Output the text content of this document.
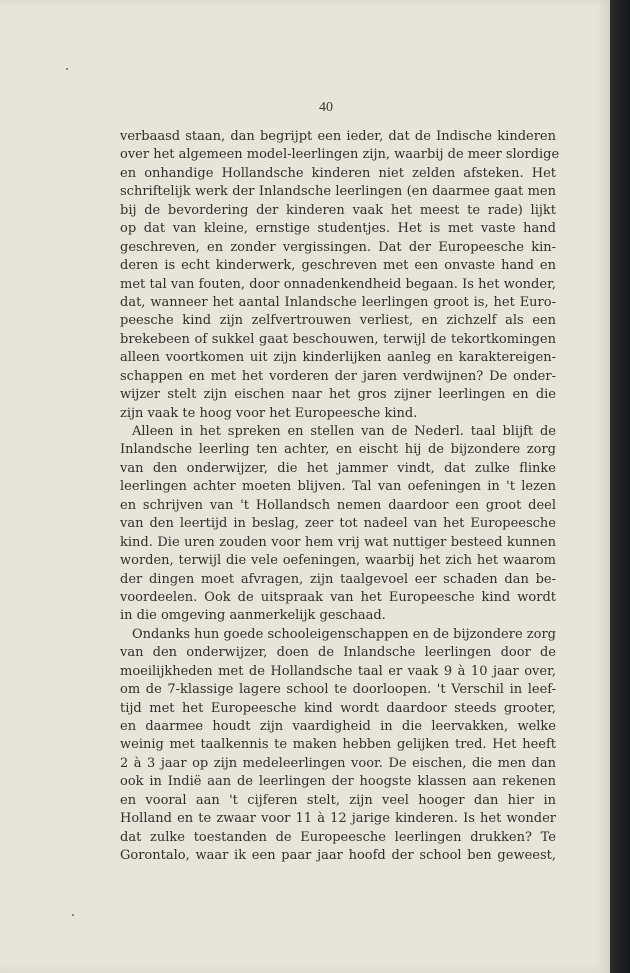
40
verbaasd staan, dan begrijpt een ieder, dat de Indische kinderen
over het algemeen model-leerlingen zijn, waarbij de meer slordige
en onhandige Hollandsche kinderen niet zelden afsteken. Het
schriftelijk werk der Inlandsche leerlingen (en daarmee gaat men
bij de bevordering der kinderen vaak het meest te rade) lijkt
op dat van kleine, ernstige studentjes. Het is met vaste hand
geschreven, en zonder vergissingen. Dat der Europeesche kin-
deren is echt kinderwerk, geschreven met een onvaste hand en
met tal van fouten, door onnadenkendheid begaan. Is het wonder,
dat, wanneer het aantal Inlandsche leerlingen groot is, het Euro-
peesche kind zijn zelfvertrouwen verliest, en zichzelf als een
brekebeen of sukkel gaat beschouwen, terwijl de tekortkomingen
alleen voortkomen uit zijn kinderlijken aanleg en karaktereigen-
schappen en met het vorderen der jaren verdwijnen? De onder-
wijzer stelt zijn eischen naar het gros zijner leerlingen en die
zijn vaak te hoog voor het Europeesche kind.
Alleen in het spreken en stellen van de Nederl. taal blijft de
Inlandsche leerling ten achter, en eischt hij de bijzondere zorg
van den onderwijzer, die het jammer vindt, dat zulke flinke
leerlingen achter moeten blijven. Tal van oefeningen in 't lezen
en schrijven van 't Hollandsch nemen daardoor een groot deel
van den leertijd in beslag, zeer tot nadeel van het Europeesche
kind. Die uren zouden voor hem vrij wat nuttiger besteed kunnen
worden, terwijl die vele oefeningen, waarbij het zich het waarom
der dingen moet afvragen, zijn taalgevoel eer schaden dan be-
voordeelen. Ook de uitspraak van het Europeesche kind wordt
in die omgeving aanmerkelijk geschaad.
Ondanks hun goede schooleigenschappen en de bijzondere zorg
van den onderwijzer, doen de Inlandsche leerlingen door de
moeilijkheden met de Hollandsche taal er vaak 9 à 10 jaar over,
om de 7-klassige lagere school te doorloopen. 't Verschil in leef-
tijd met het Europeesche kind wordt daardoor steeds grooter,
en daarmee houdt zijn vaardigheid in die leervakken, welke
weinig met taalkennis te maken hebben gelijken tred. Het heeft
2 à 3 jaar op zijn medeleerlingen voor. De eischen, die men dan
ook in Indië aan de leerlingen der hoogste klassen aan rekenen
en vooral aan 't cijferen stelt, zijn veel hooger dan hier in
Holland en te zwaar voor 11 à 12 jarige kinderen. Is het wonder
dat zulke toestanden de Europeesche leerlingen drukken? Te
Gorontalo, waar ik een paar jaar hoofd der school ben geweest,
